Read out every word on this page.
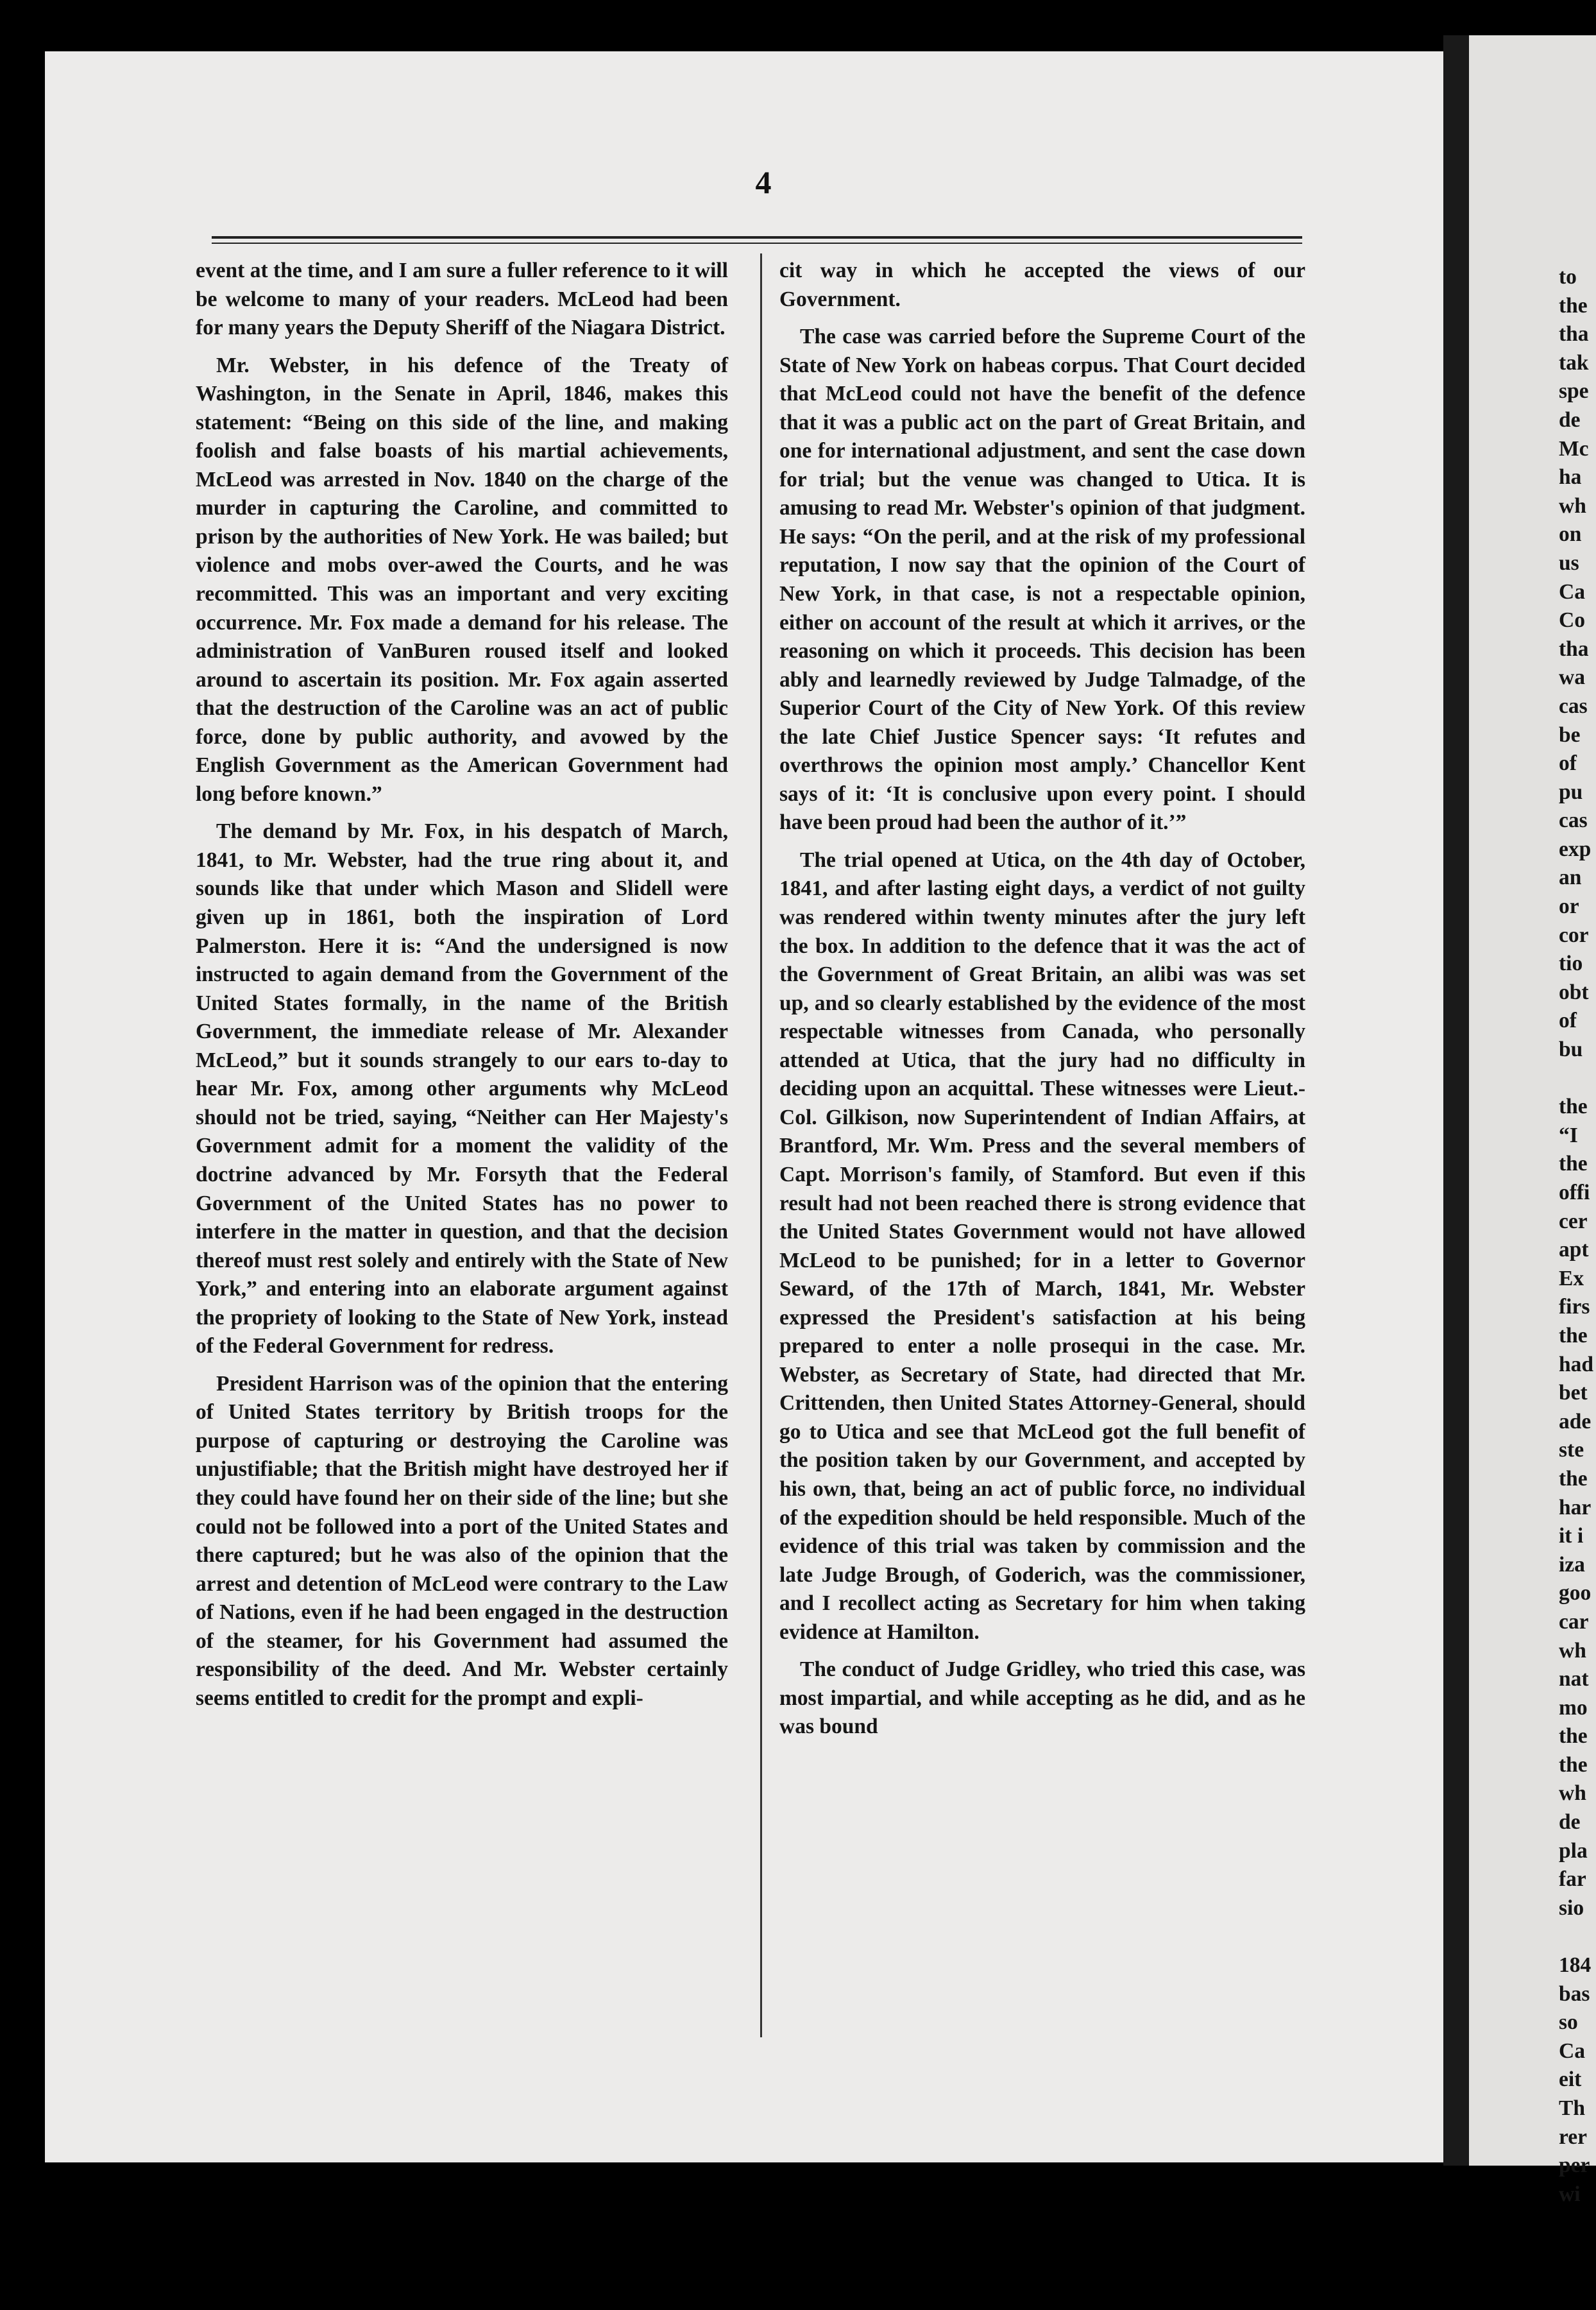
4

event at the time, and I am sure a fuller reference to it will be welcome to many of your readers. McLeod had been for many years the Deputy Sheriff of the Niagara District.

Mr. Webster, in his defence of the Treaty of Washington, in the Senate in April, 1846, makes this statement: “Being on this side of the line, and making foolish and false boasts of his martial achievements, McLeod was arrested in Nov. 1840 on the charge of the murder in capturing the Caroline, and committed to prison by the authorities of New York. He was bailed; but violence and mobs over-awed the Courts, and he was recommitted. This was an important and very exciting occurrence. Mr. Fox made a demand for his release. The administration of VanBuren roused itself and looked around to ascertain its position. Mr. Fox again asserted that the destruction of the Caroline was an act of public force, done by public authority, and avowed by the English Government as the American Government had long before known.”

The demand by Mr. Fox, in his despatch of March, 1841, to Mr. Webster, had the true ring about it, and sounds like that under which Mason and Slidell were given up in 1861, both the inspiration of Lord Palmerston. Here it is: “And the undersigned is now instructed to again demand from the Government of the United States formally, in the name of the British Government, the immediate release of Mr. Alexander McLeod,” but it sounds strangely to our ears to-day to hear Mr. Fox, among other arguments why McLeod should not be tried, saying, “Neither can Her Majesty's Government admit for a moment the validity of the doctrine advanced by Mr. Forsyth that the Federal Government of the United States has no power to interfere in the matter in question, and that the decision thereof must rest solely and entirely with the State of New York,” and entering into an elaborate argument against the propriety of looking to the State of New York, instead of the Federal Government for redress.

President Harrison was of the opinion that the entering of United States territory by British troops for the purpose of capturing or destroying the Caroline was unjustifiable; that the British might have destroyed her if they could have found her on their side of the line; but she could not be followed into a port of the United States and there captured; but he was also of the opinion that the arrest and detention of McLeod were contrary to the Law of Nations, even if he had been engaged in the destruction of the steamer, for his Government had assumed the responsibility of the deed. And Mr. Webster certainly seems entitled to credit for the prompt and expli-

cit way in which he accepted the views of our Government.

The case was carried before the Supreme Court of the State of New York on habeas corpus. That Court decided that McLeod could not have the benefit of the defence that it was a public act on the part of Great Britain, and one for international adjustment, and sent the case down for trial; but the venue was changed to Utica. It is amusing to read Mr. Webster's opinion of that judgment. He says: “On the peril, and at the risk of my professional reputation, I now say that the opinion of the Court of New York, in that case, is not a respectable opinion, either on account of the result at which it arrives, or the reasoning on which it proceeds. This decision has been ably and learnedly reviewed by Judge Talmadge, of the Superior Court of the City of New York. Of this review the late Chief Justice Spencer says: ‘It refutes and overthrows the opinion most amply.’ Chancellor Kent says of it: ‘It is conclusive upon every point. I should have been proud had been the author of it.’”

The trial opened at Utica, on the 4th day of October, 1841, and after lasting eight days, a verdict of not guilty was rendered within twenty minutes after the jury left the box. In addition to the defence that it was the act of the Government of Great Britain, an alibi was was set up, and so clearly established by the evidence of the most respectable witnesses from Canada, who personally attended at Utica, that the jury had no difficulty in deciding upon an acquittal. These witnesses were Lieut.-Col. Gilkison, now Superintendent of Indian Affairs, at Brantford, Mr. Wm. Press and the several members of Capt. Morrison's family, of Stamford. But even if this result had not been reached there is strong evidence that the United States Government would not have allowed McLeod to be punished; for in a letter to Governor Seward, of the 17th of March, 1841, Mr. Webster expressed the President's satisfaction at his being prepared to enter a nolle prosequi in the case. Mr. Webster, as Secretary of State, had directed that Mr. Crittenden, then United States Attorney-General, should go to Utica and see that McLeod got the full benefit of the position taken by our Government, and accepted by his own, that, being an act of public force, no individual of the expedition should be held responsible. Much of the evidence of this trial was taken by commission and the late Judge Brough, of Goderich, was the commissioner, and I recollect acting as Secretary for him when taking evidence at Hamilton.

The conduct of Judge Gridley, who tried this case, was most impartial, and while accepting as he did, and as he was bound

to
the
tha
tak
spe
de
Mc
ha
wh
on
us
Ca
Co
tha
wa
cas
be
of
pu
cas
exp
an
or
cor
tio
obt
of
bu

the
“I
the
offi
cer
apt
Ex
firs
the
had
bet
ade
ste
the
har
it i
iza
goo
car
wh
nat
mo
the
the
wh
de
pla
far
sio

184
bas
so
Ca
eit
Th
rer
per
wi
